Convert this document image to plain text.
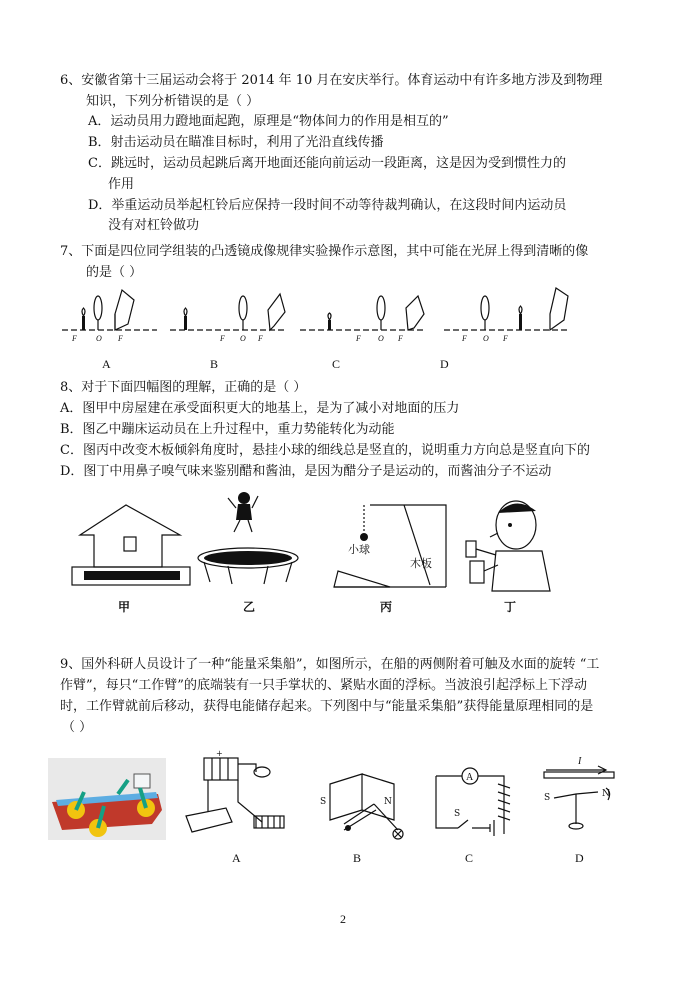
6、安徽省第十三届运动会将于 2014 年 10 月在安庆举行。体育运动中有许多地方涉及到物理
知识，下列分析错误的是（ ）
A．运动员用力蹬地面起跑，原理是“物体间力的作用是相互的”
B．射击运动员在瞄准目标时，利用了光沿直线传播
C．跳远时，运动员起跳后离开地面还能向前运动一段距离，这是因为受到惯性力的
作用
D．举重运动员举起杠铃后应保持一段时间不动等待裁判确认，在这段时间内运动员
没有对杠铃做功
7、下面是四位同学组装的凸透镜成像规律实验操作示意图，其中可能在光屏上得到清晰的像
的是（ ）
F O F
A
F O F
B
F O F
C
F O F
D
8、对于下面四幅图的理解，正确的是（ ）
A．图甲中房屋建在承受面积更大的地基上，是为了减小对地面的压力
B．图乙中蹦床运动员在上升过程中，重力势能转化为动能
C．图丙中改变木板倾斜角度时，悬挂小球的细线总是竖直的，说明重力方向总是竖直向下的
D．图丁中用鼻子嗅气味来鉴别醋和酱油，是因为醋分子是运动的，而酱油分子不运动
甲	乙
小球
木板
丙	丁
9、国外科研人员设计了一种“能量采集船”，如图所示，在船的两侧附着可触及水面的旋转 “工
作臂”，每只“工作臂”的底端装有一只手掌状的、紧贴水面的浮标。当波浪引起浮标上下浮动
时，工作臂就前后移动，获得电能储存起来。下列图中与“能量采集船”获得能量原理相同的是
（ ）
+
A
S	N
B
A
S
C
I
S	N
D
2
